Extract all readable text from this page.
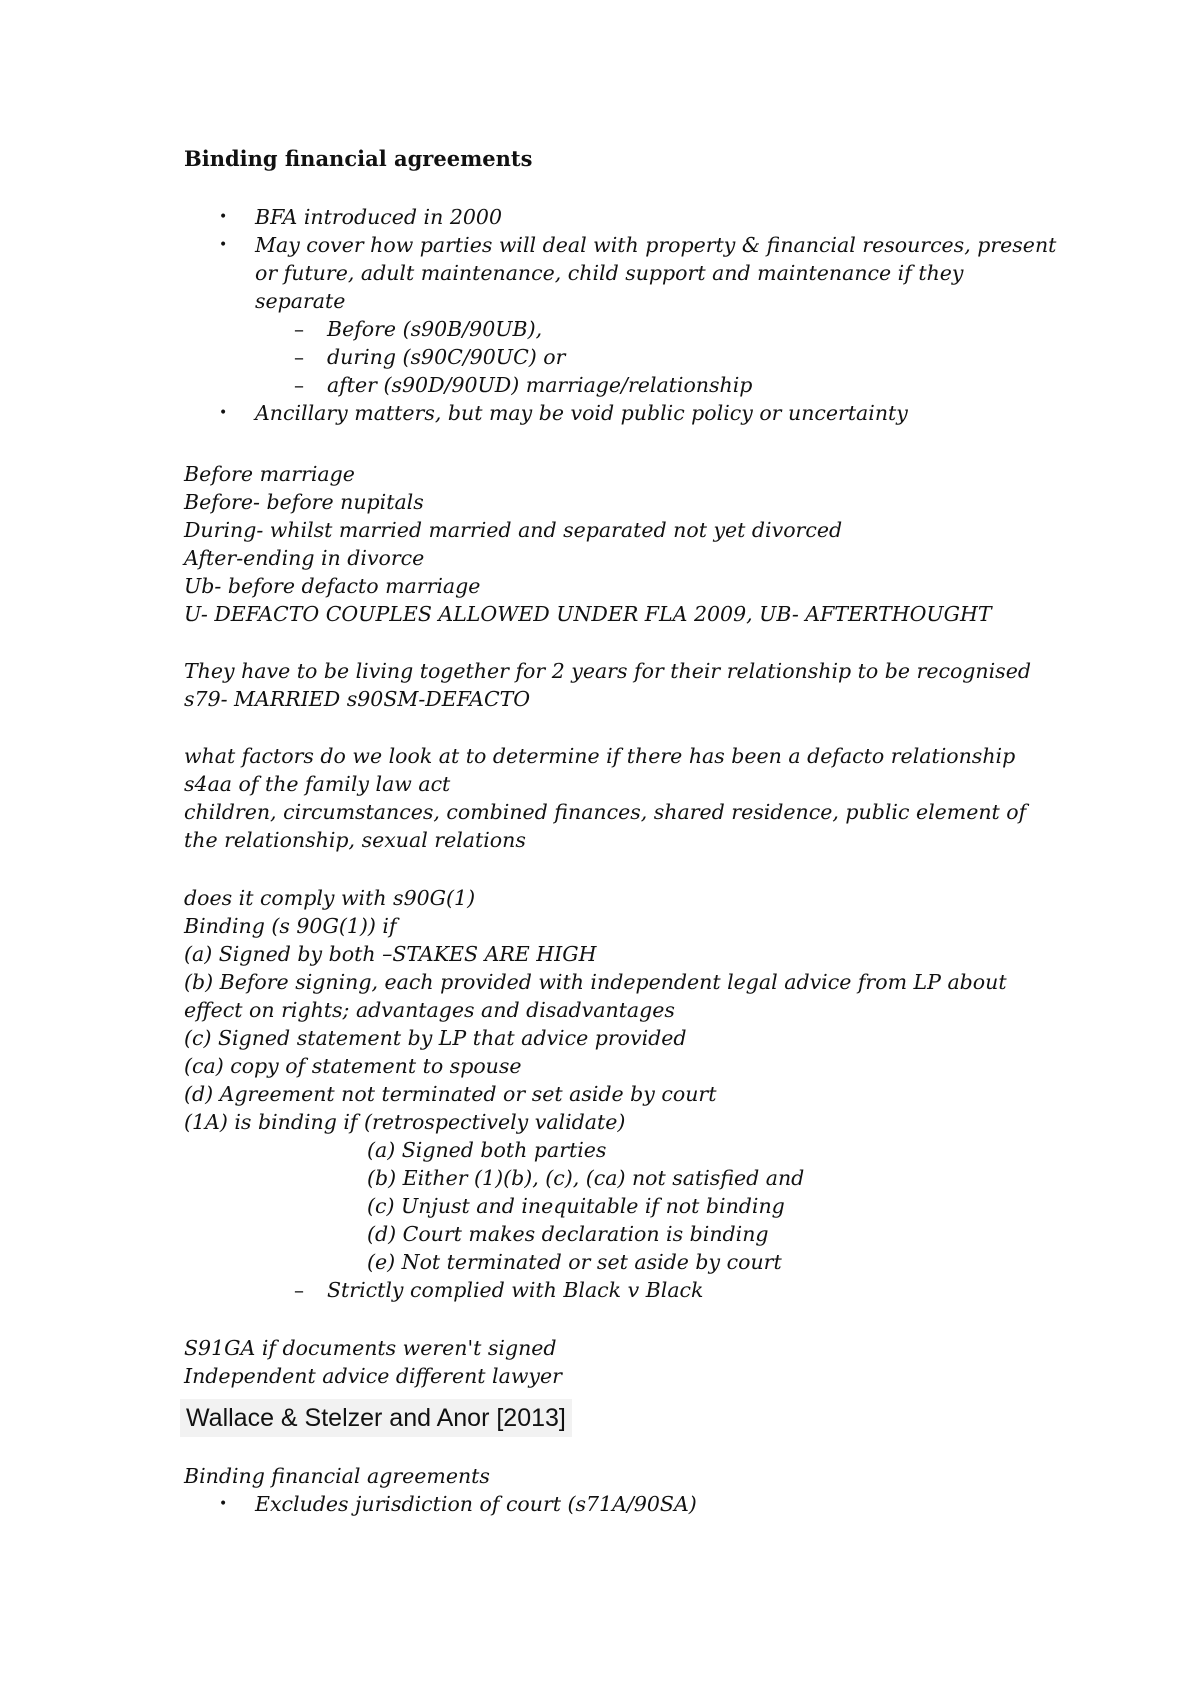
Binding financial agreements
• BFA introduced in 2000
• May cover how parties will deal with property & financial resources, present
or future, adult maintenance, child support and maintenance if they
separate
– Before (s90B/90UB),
– during (s90C/90UC) or
– after (s90D/90UD) marriage/relationship
• Ancillary matters, but may be void public policy or uncertainty
Before marriage
Before- before nupitals
During- whilst married married and separated not yet divorced
After-ending in divorce
Ub- before defacto marriage
U- DEFACTO COUPLES ALLOWED UNDER FLA 2009, UB- AFTERTHOUGHT
They have to be living together for 2 years for their relationship to be recognised
s79- MARRIED s90SM-DEFACTO
what factors do we look at to determine if there has been a defacto relationship
s4aa of the family law act
children, circumstances, combined finances, shared residence, public element of
the relationship, sexual relations
does it comply with s90G(1)
Binding (s 90G(1)) if
(a) Signed by both –STAKES ARE HIGH
(b) Before signing, each provided with independent legal advice from LP about
effect on rights; advantages and disadvantages
(c) Signed statement by LP that advice provided
(ca) copy of statement to spouse
(d) Agreement not terminated or set aside by court
(1A) is binding if (retrospectively validate)
(a) Signed both parties
(b) Either (1)(b), (c), (ca) not satisfied and
(c) Unjust and inequitable if not binding
(d) Court makes declaration is binding
(e) Not terminated or set aside by court
– Strictly complied with Black v Black
S91GA if documents weren't signed
Independent advice different lawyer
Wallace & Stelzer and Anor [2013]
Binding financial agreements
• Excludes jurisdiction of court (s71A/90SA)
